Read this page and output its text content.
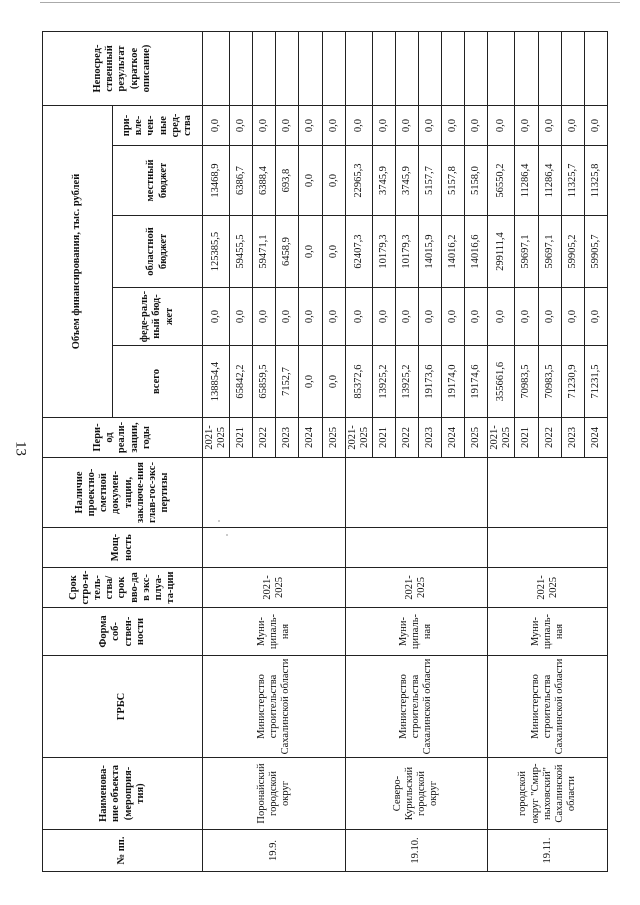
13
№ пп.	Наименова-ние объекта (мероприя-тия)	ГРБС	Форма соб-ствен-ности	Срок стро-и-тель-ства/срок вво-да в экс-плуа-та-ции	Мощ-ность	Наличие проектно-сметной докумен-тации, заключе-ния глав-гос-экс-пертизы	Пери-од реали-зации, годы	Объем финансирования, тыс. рублей					Непосред-ственный результат (краткое описание)
								всего	феде-раль-ный бюд-жет	областной бюджет	местный бюджет	при-вле-чен-ные сред-ства	
19.9.	Поронайский городской округ	Министерство строительства Сахалинской области	Муни-ципаль-ная	2021-2025			2021-2025	138854,4	0,0	125385,5	13468,9	0,0	
							2021	65842,2	0,0	59455,5	6386,7	0,0	
							2022	65859,5	0,0	59471,1	6388,4	0,0	
							2023	7152,7	0,0	6458,9	693,8	0,0	
							2024	0,0	0,0	0,0	0,0	0,0	
							2025	0,0	0,0	0,0	0,0	0,0	
19.10.	Северо-Курильский городской округ	Министерство строительства Сахалинской области	Муни-ципаль-ная	2021-2025			2021-2025	85372,6	0,0	62407,3	22965,3	0,0	
							2021	13925,2	0,0	10179,3	3745,9	0,0	
							2022	13925,2	0,0	10179,3	3745,9	0,0	
							2023	19173,6	0,0	14015,9	5157,7	0,0	
							2024	19174,0	0,0	14016,2	5157,8	0,0	
							2025	19174,6	0,0	14016,6	5158,0	0,0	
19.11.	городской округ "Смир-ныховский" Сахалинской области	Министерство строительства Сахалинской области	Муни-ципаль-ная	2021-2025			2021-2025	355661,6	0,0	299111,4	56550,2	0,0	
							2021	70983,5	0,0	59697,1	11286,4	0,0	
							2022	70983,5	0,0	59697,1	11286,4	0,0	
							2023	71230,9	0,0	59905,2	11325,7	0,0	
							2024	71231,5	0,0	59905,7	11325,8	0,0	
